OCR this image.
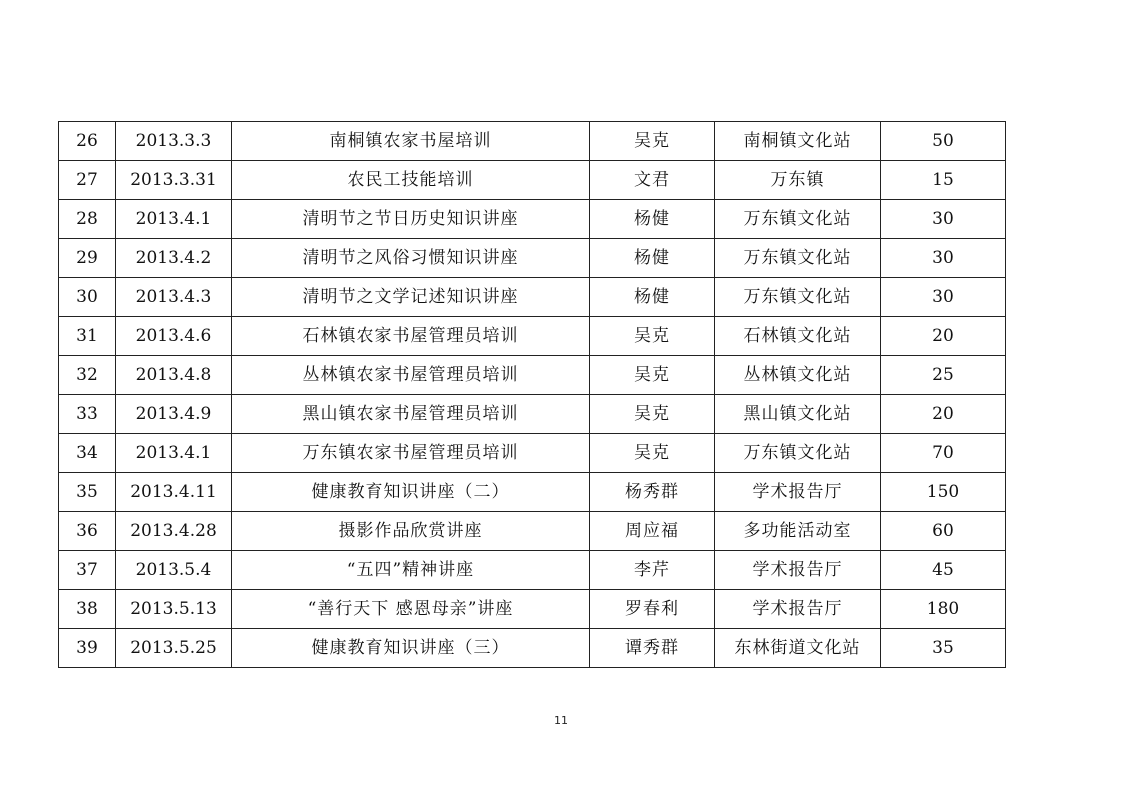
26	2013.3.3	南桐镇农家书屋培训	吴克	南桐镇文化站	50
27	2013.3.31	农民工技能培训	文君	万东镇	15
28	2013.4.1	清明节之节日历史知识讲座	杨健	万东镇文化站	30
29	2013.4.2	清明节之风俗习惯知识讲座	杨健	万东镇文化站	30
30	2013.4.3	清明节之文学记述知识讲座	杨健	万东镇文化站	30
31	2013.4.6	石林镇农家书屋管理员培训	吴克	石林镇文化站	20
32	2013.4.8	丛林镇农家书屋管理员培训	吴克	丛林镇文化站	25
33	2013.4.9	黑山镇农家书屋管理员培训	吴克	黑山镇文化站	20
34	2013.4.1	万东镇农家书屋管理员培训	吴克	万东镇文化站	70
35	2013.4.11	健康教育知识讲座（二）	杨秀群	学术报告厅	150
36	2013.4.28	摄影作品欣赏讲座	周应福	多功能活动室	60
37	2013.5.4	“五四”精神讲座	李芹	学术报告厅	45
38	2013.5.13	“善行天下 感恩母亲”讲座	罗春利	学术报告厅	180
39	2013.5.25	健康教育知识讲座（三）	谭秀群	东林街道文化站	35
11
